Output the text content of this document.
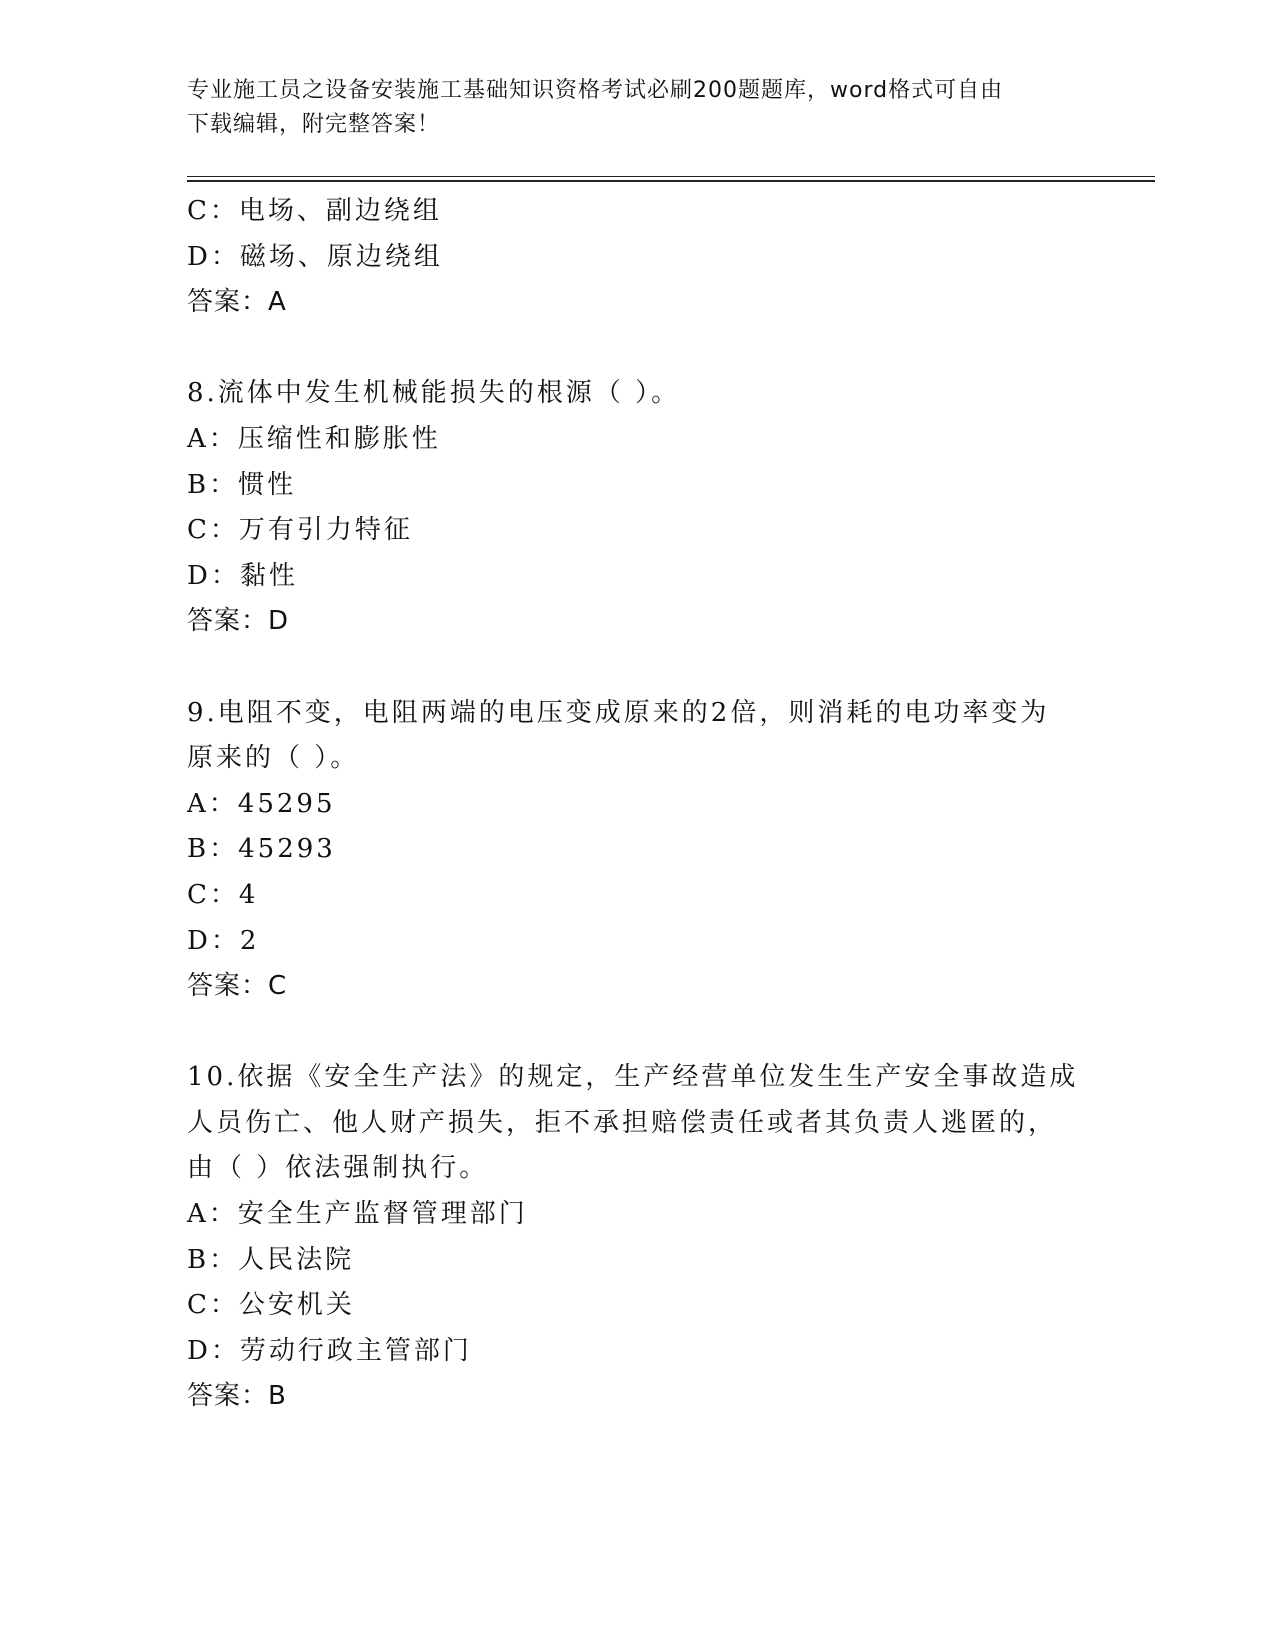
专业施工员之设备安装施工基础知识资格考试必刷200题题库，word格式可自由
下载编辑，附完整答案！
C：电场、副边绕组
D：磁场、原边绕组
答案：A
8.流体中发生机械能损失的根源（ ）。
A：压缩性和膨胀性
B：惯性
C：万有引力特征
D：黏性
答案：D
9.电阻不变，电阻两端的电压变成原来的2倍，则消耗的电功率变为
原来的（ ）。
A：45295
B：45293
C：4
D：2
答案：C
10.依据《安全生产法》的规定，生产经营单位发生生产安全事故造成
人员伤亡、他人财产损失，拒不承担赔偿责任或者其负责人逃匿的，
由（ ）依法强制执行。
A：安全生产监督管理部门
B：人民法院
C：公安机关
D：劳动行政主管部门
答案：B
